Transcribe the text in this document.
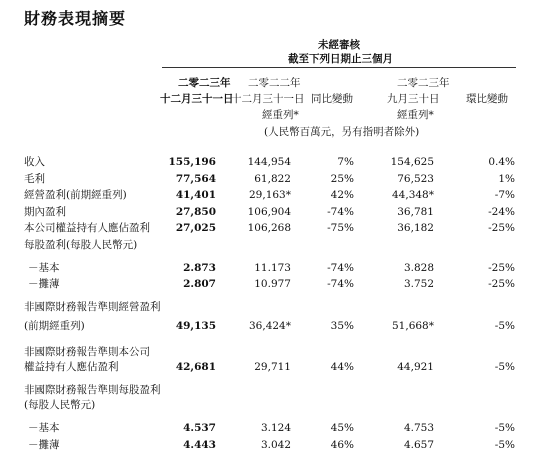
財務表現摘要
未經審核
截至下列日期止三個月
二零二三年
十二月三十一日
二零二二年
十二月三十一日
經重列*
同比變動
二零二三年
九月三十日
經重列*
環比變動
(人民幣百萬元，另有指明者除外)
收入	155,196	144,954	7%	154,625	0.4%
毛利	77,564	61,822	25%	76,523	1%
經營盈利(前期經重列)	41,401	29,163*	42%	44,348*	-7%
期內盈利	27,850	106,904	-74%	36,781	-24%
本公司權益持有人應佔盈利 27,025	106,268	-75%	36,182	-25%
每股盈利(每股人民幣元)
－基本	2.873	11.173	-74%	3.828	-25%
－攤薄	2.807	10.977	-74%	3.752	-25%
非國際財務報告準則經營盈利
(前期經重列)	49,135	36,424*	35%	51,668*	-5%
非國際財務報告準則本公司
權益持有人應佔盈利	42,681	29,711	44%	44,921	-5%
非國際財務報告準則每股盈利
(每股人民幣元)
－基本	4.537	3.124	45%	4.753	-5%
－攤薄	4.443	3.042	46%	4.657	-5%
